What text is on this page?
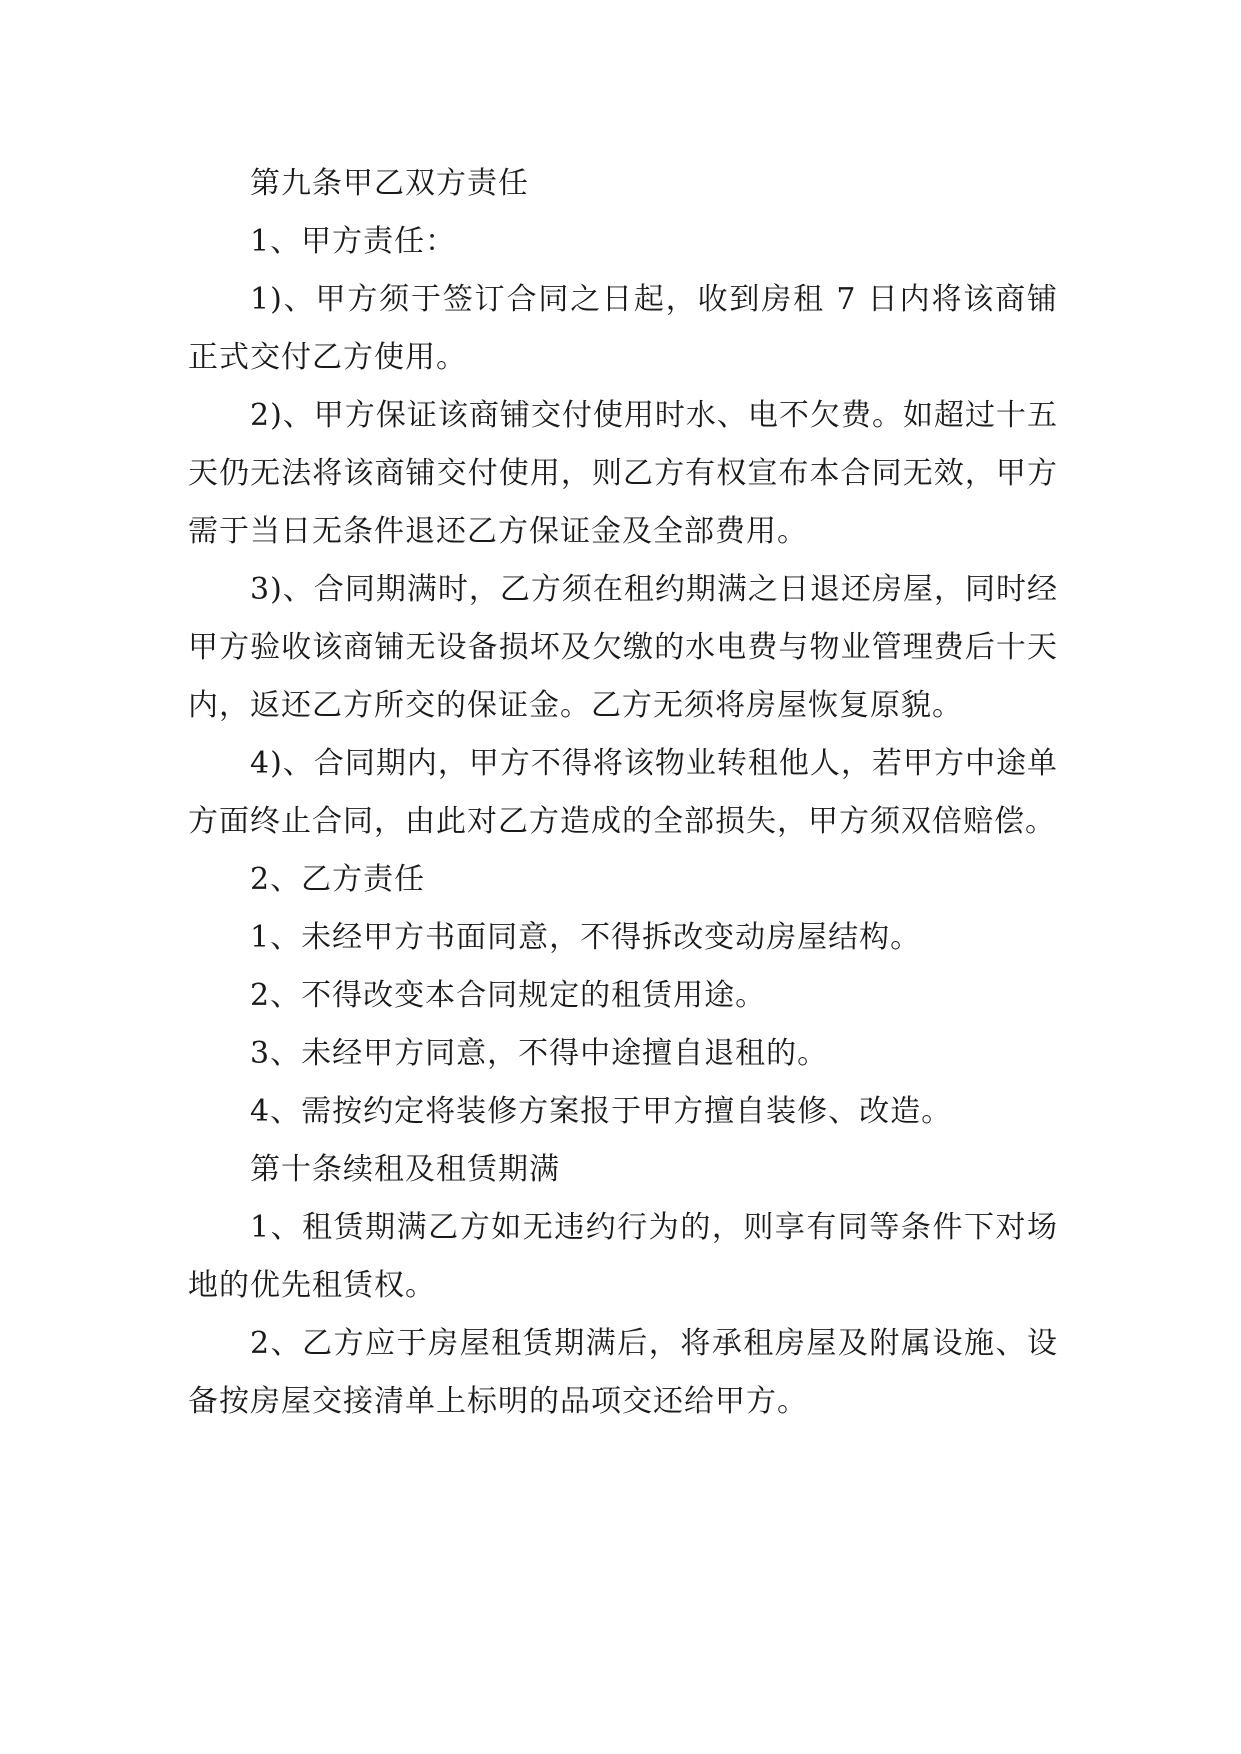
第九条甲乙双方责任

1、甲方责任：

1)、甲方须于签订合同之日起，收到房租 7 日内将该商铺正式交付乙方使用。

2)、甲方保证该商铺交付使用时水、电不欠费。如超过十五天仍无法将该商铺交付使用，则乙方有权宣布本合同无效，甲方需于当日无条件退还乙方保证金及全部费用。

3)、合同期满时，乙方须在租约期满之日退还房屋，同时经甲方验收该商铺无设备损坏及欠缴的水电费与物业管理费后十天内，返还乙方所交的保证金。乙方无须将房屋恢复原貌。

4)、合同期内，甲方不得将该物业转租他人，若甲方中途单方面终止合同，由此对乙方造成的全部损失，甲方须双倍赔偿。

2、乙方责任

1、未经甲方书面同意，不得拆改变动房屋结构。

2、不得改变本合同规定的租赁用途。

3、未经甲方同意，不得中途擅自退租的。

4、需按约定将装修方案报于甲方擅自装修、改造。

第十条续租及租赁期满

1、租赁期满乙方如无违约行为的，则享有同等条件下对场地的优先租赁权。

2、乙方应于房屋租赁期满后，将承租房屋及附属设施、设备按房屋交接清单上标明的品项交还给甲方。
